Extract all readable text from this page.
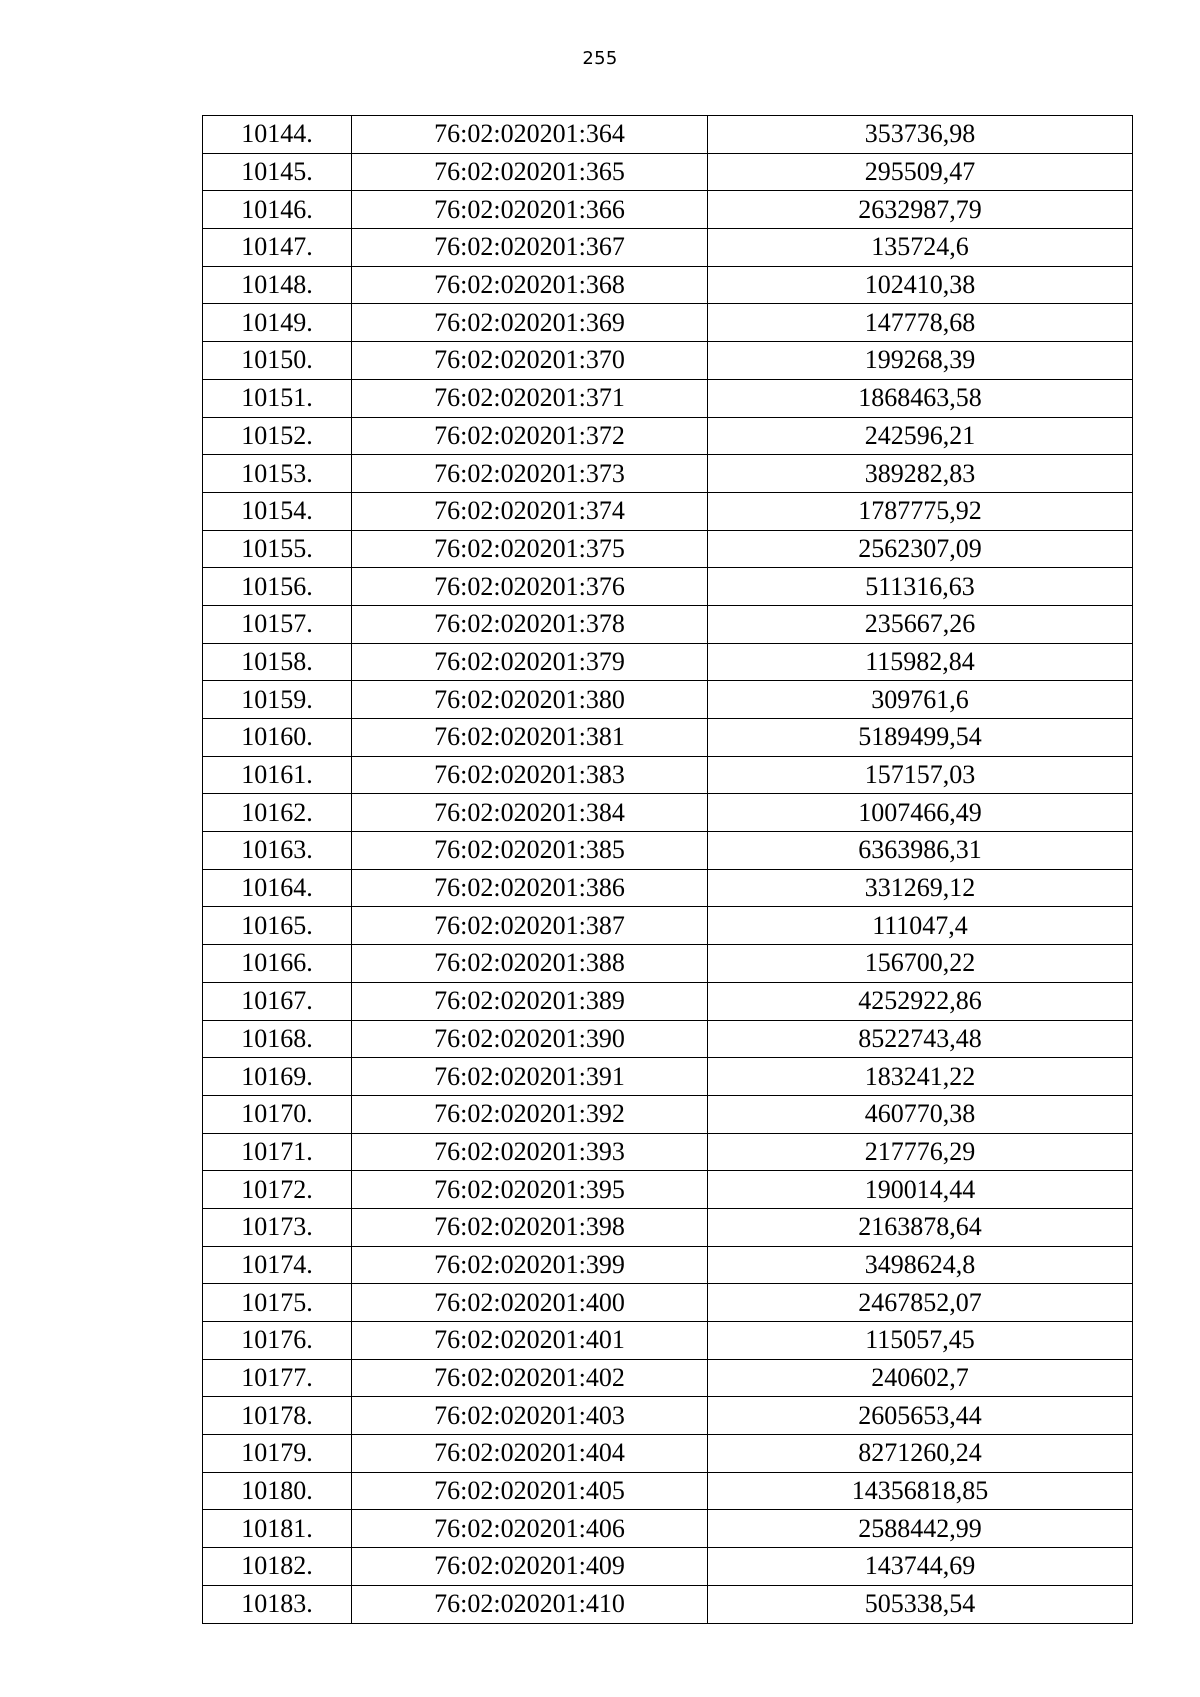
255
10144.	76:02:020201:364	353736,98
10145.	76:02:020201:365	295509,47
10146.	76:02:020201:366	2632987,79
10147.	76:02:020201:367	135724,6
10148.	76:02:020201:368	102410,38
10149.	76:02:020201:369	147778,68
10150.	76:02:020201:370	199268,39
10151.	76:02:020201:371	1868463,58
10152.	76:02:020201:372	242596,21
10153.	76:02:020201:373	389282,83
10154.	76:02:020201:374	1787775,92
10155.	76:02:020201:375	2562307,09
10156.	76:02:020201:376	511316,63
10157.	76:02:020201:378	235667,26
10158.	76:02:020201:379	115982,84
10159.	76:02:020201:380	309761,6
10160.	76:02:020201:381	5189499,54
10161.	76:02:020201:383	157157,03
10162.	76:02:020201:384	1007466,49
10163.	76:02:020201:385	6363986,31
10164.	76:02:020201:386	331269,12
10165.	76:02:020201:387	111047,4
10166.	76:02:020201:388	156700,22
10167.	76:02:020201:389	4252922,86
10168.	76:02:020201:390	8522743,48
10169.	76:02:020201:391	183241,22
10170.	76:02:020201:392	460770,38
10171.	76:02:020201:393	217776,29
10172.	76:02:020201:395	190014,44
10173.	76:02:020201:398	2163878,64
10174.	76:02:020201:399	3498624,8
10175.	76:02:020201:400	2467852,07
10176.	76:02:020201:401	115057,45
10177.	76:02:020201:402	240602,7
10178.	76:02:020201:403	2605653,44
10179.	76:02:020201:404	8271260,24
10180.	76:02:020201:405	14356818,85
10181.	76:02:020201:406	2588442,99
10182.	76:02:020201:409	143744,69
10183.	76:02:020201:410	505338,54
